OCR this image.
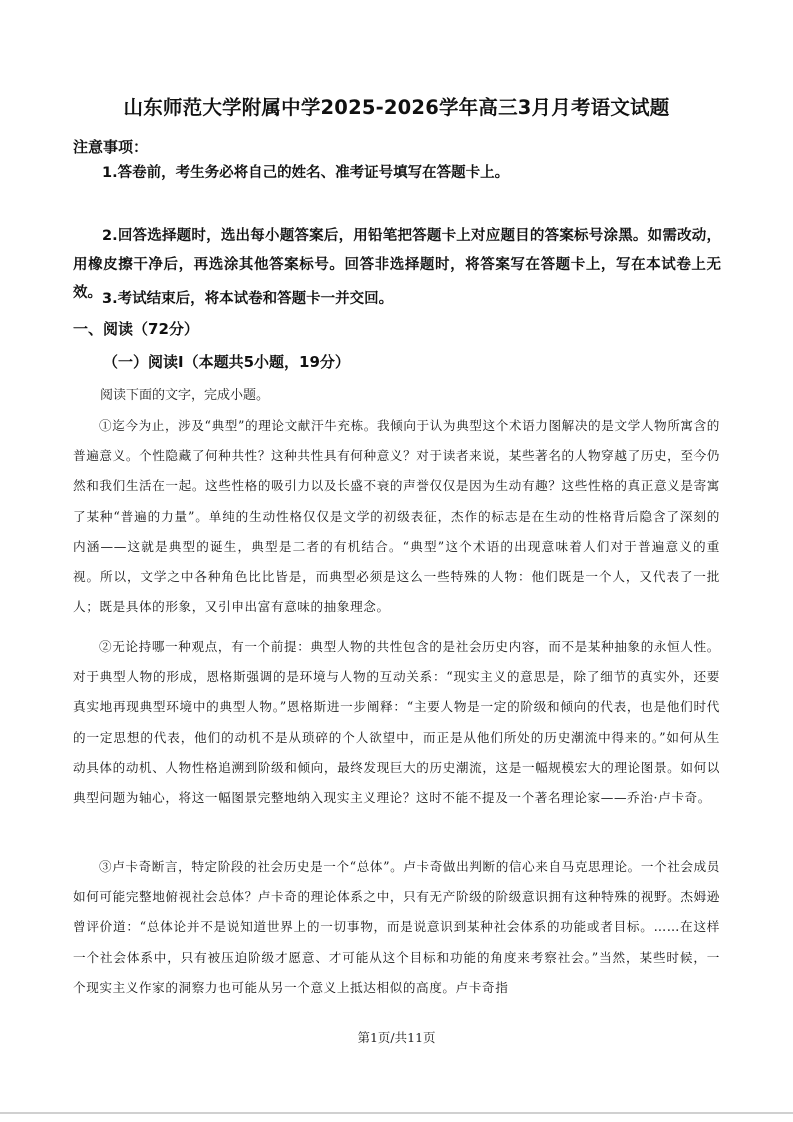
山东师范大学附属中学2025-2026学年高三3月月考语文试题
注意事项：
1.答卷前，考生务必将自己的姓名、准考证号填写在答题卡上。
2.回答选择题时，选出每小题答案后，用铅笔把答题卡上对应题目的答案标号涂黑。如需改动，用橡皮擦干净后，再选涂其他答案标号。回答非选择题时，将答案写在答题卡上，写在本试卷上无效。 3.考试结束后，将本试卷和答题卡一并交回。
一、阅读（72分）
（一）阅读Ⅰ（本题共5小题，19分）
阅读下面的文字，完成小题。
①迄今为止，涉及“典型”的理论文献汗牛充栋。我倾向于认为典型这个术语力图解决的是文学人物所寓含的普遍意义。个性隐藏了何种共性？这种共性具有何种意义？对于读者来说，某些著名的人物穿越了历史，至今仍然和我们生活在一起。这些性格的吸引力以及长盛不衰的声誉仅仅是因为生动有趣？这些性格的真正意义是寄寓了某种“普遍的力量”。单纯的生动性格仅仅是文学的初级表征，杰作的标志是在生动的性格背后隐含了深刻的内涵——这就是典型的诞生，典型是二者的有机结合。“典型”这个术语的出现意味着人们对于普遍意义的重视。所以，文学之中各种角色比比皆是，而典型必须是这么一些特殊的人物：他们既是一个人，又代表了一批人；既是具体的形象，又引申出富有意味的抽象理念。
②无论持哪一种观点，有一个前提：典型人物的共性包含的是社会历史内容，而不是某种抽象的永恒人性。对于典型人物的形成，恩格斯强调的是环境与人物的互动关系：“现实主义的意思是，除了细节的真实外，还要真实地再现典型环境中的典型人物。”恩格斯进一步阐释：“主要人物是一定的阶级和倾向的代表，也是他们时代的一定思想的代表，他们的动机不是从琐碎的个人欲望中，而正是从他们所处的历史潮流中得来的。”如何从生动具体的动机、人物性格追溯到阶级和倾向，最终发现巨大的历史潮流，这是一幅规模宏大的理论图景。如何以典型问题为轴心，将这一幅图景完整地纳入现实主义理论？这时不能不提及一个著名理论家——乔治·卢卡奇。
③卢卡奇断言，特定阶段的社会历史是一个“总体”。卢卡奇做出判断的信心来自马克思理论。一个社会成员如何可能完整地俯视社会总体？卢卡奇的理论体系之中，只有无产阶级的阶级意识拥有这种特殊的视野。杰姆逊曾评价道：“总体论并不是说知道世界上的一切事物，而是说意识到某种社会体系的功能或者目标。……在这样一个社会体系中，只有被压迫阶级才愿意、才可能从这个目标和功能的角度来考察社会。”当然，某些时候，一个现实主义作家的洞察力也可能从另一个意义上抵达相似的高度。卢卡奇指
第1页/共11页
